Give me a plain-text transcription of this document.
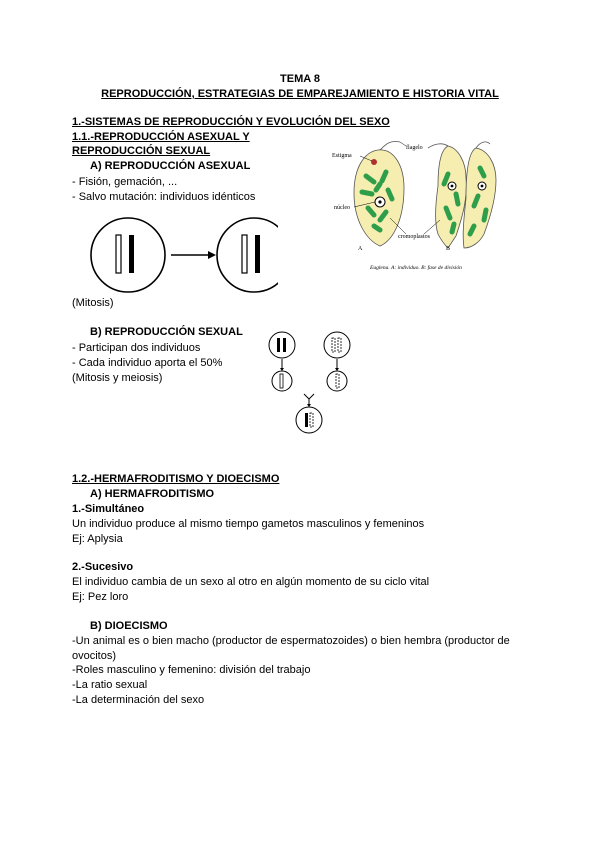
TEMA 8
REPRODUCCIÓN, ESTRATEGIAS DE EMPAREJAMIENTO E HISTORIA VITAL
1.-SISTEMAS DE REPRODUCCIÓN Y EVOLUCIÓN DEL SEXO
1.1.-REPRODUCCIÓN ASEXUAL Y
REPRODUCCIÓN SEXUAL
A) REPRODUCCIÓN ASEXUAL
- Fisión, gemación, ...
- Salvo mutación: individuos idénticos
(Mitosis)
Estigma
flagelo
núcleo
cromoplastos
A	B
Euglena. A: individuo. B: fase de división
B) REPRODUCCIÓN SEXUAL
- Participan dos individuos
- Cada individuo aporta el 50%
(Mitosis y meiosis)
1.2.-HERMAFRODITISMO Y DIOECISMO
A) HERMAFRODITISMO
1.-Simultáneo
Un individuo produce al mismo tiempo gametos masculinos y femeninos
Ej: Aplysia
2.-Sucesivo
El individuo cambia de un sexo al otro en algún momento de su ciclo vital
Ej: Pez loro
B) DIOECISMO
-Un animal es o bien macho (productor de espermatozoides) o bien hembra (productor de
ovocitos)
-Roles masculino y femenino: división del trabajo
-La ratio sexual
-La determinación del sexo
